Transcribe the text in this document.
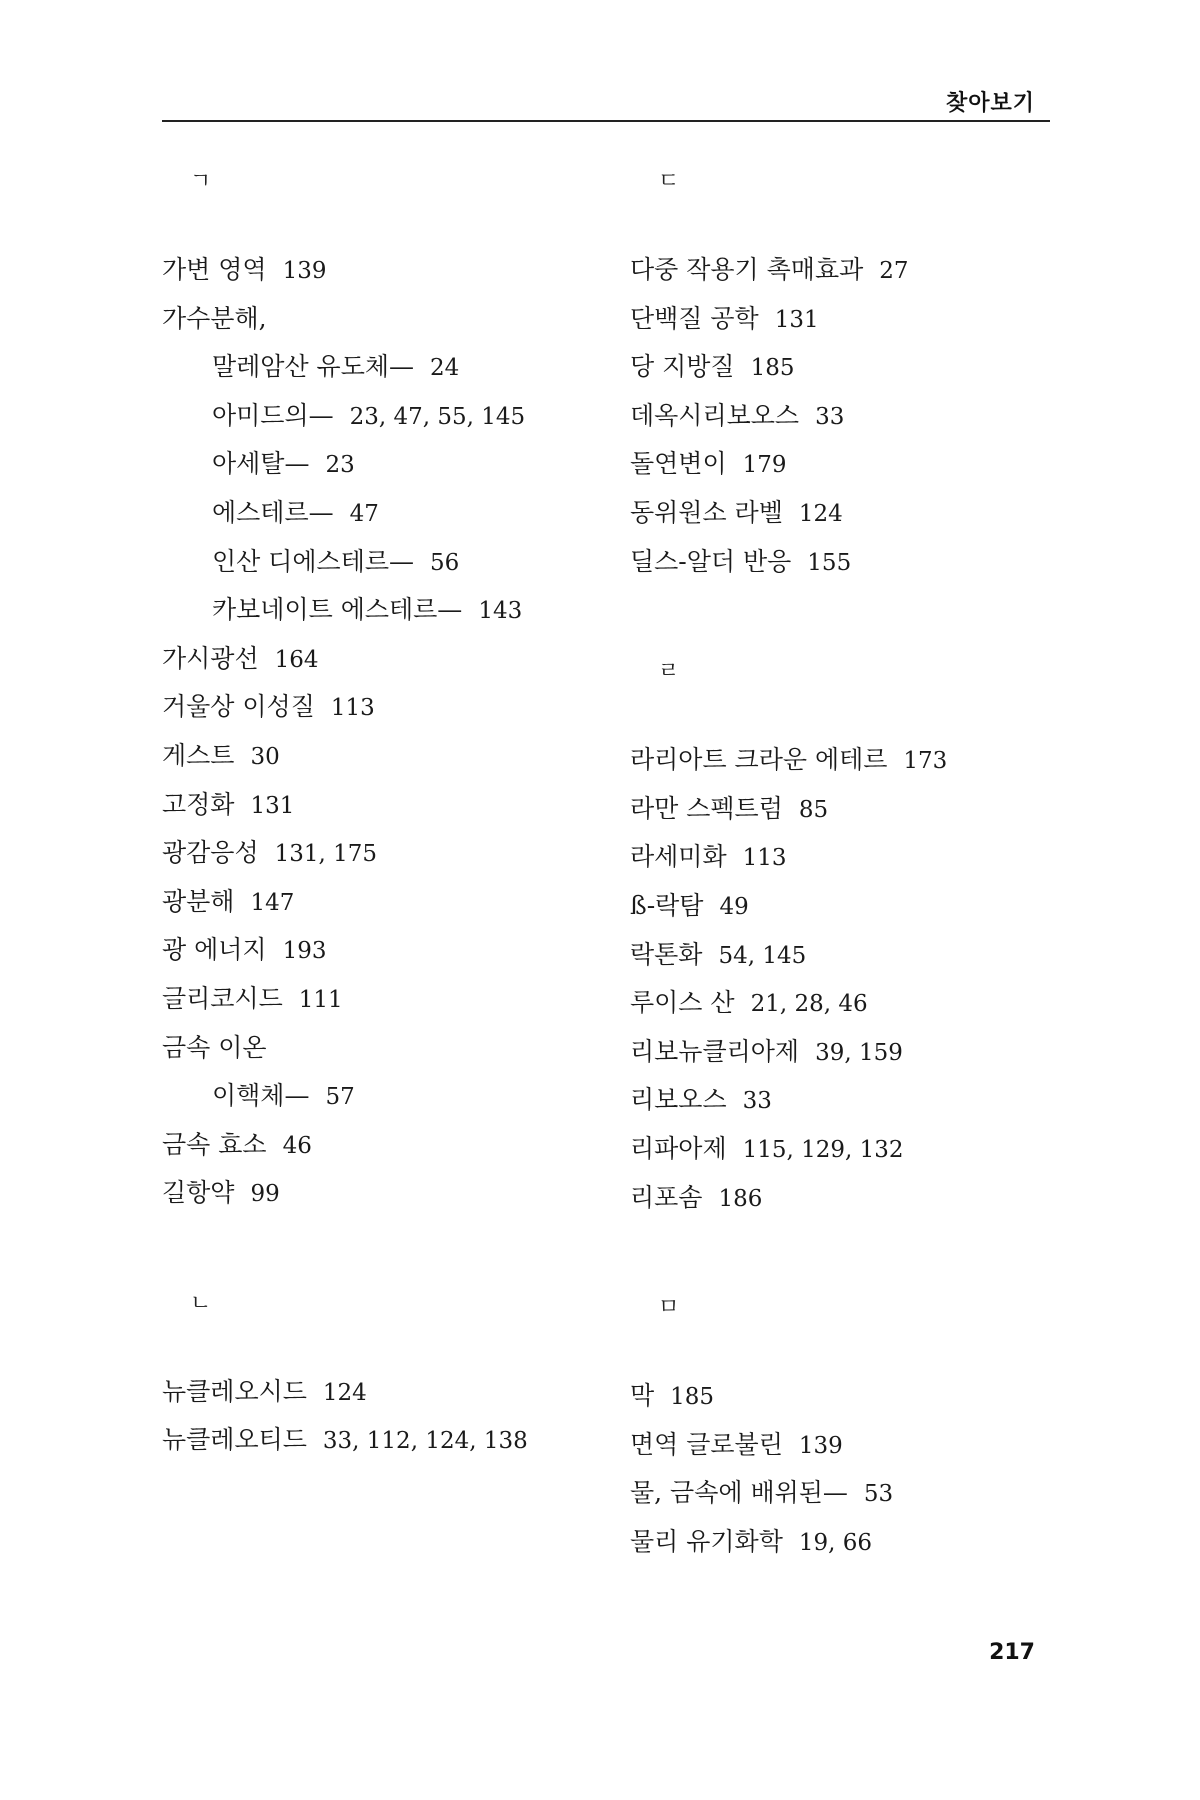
찾아보기
ㄱ
가변 영역 139
가수분해,
말레암산 유도체— 24
아미드의— 23, 47, 55, 145
아세탈— 23
에스테르— 47
인산 디에스테르— 56
카보네이트 에스테르— 143
가시광선 164
거울상 이성질 113
게스트 30
고정화 131
광감응성 131, 175
광분해 147
광 에너지 193
글리코시드 111
금속 이온
이핵체— 57
금속 효소 46
길항약 99
ㄴ
뉴클레오시드 124
뉴클레오티드 33, 112, 124, 138
ㄷ
다중 작용기 촉매효과 27
단백질 공학 131
당 지방질 185
데옥시리보오스 33
돌연변이 179
동위원소 라벨 124
딜스-알더 반응 155
ㄹ
라리아트 크라운 에테르 173
라만 스펙트럼 85
라세미화 113
ß-락탐 49
락톤화 54, 145
루이스 산 21, 28, 46
리보뉴클리아제 39, 159
리보오스 33
리파아제 115, 129, 132
리포솜 186
ㅁ
막 185
면역 글로불린 139
물, 금속에 배위된— 53
물리 유기화학 19, 66
217
